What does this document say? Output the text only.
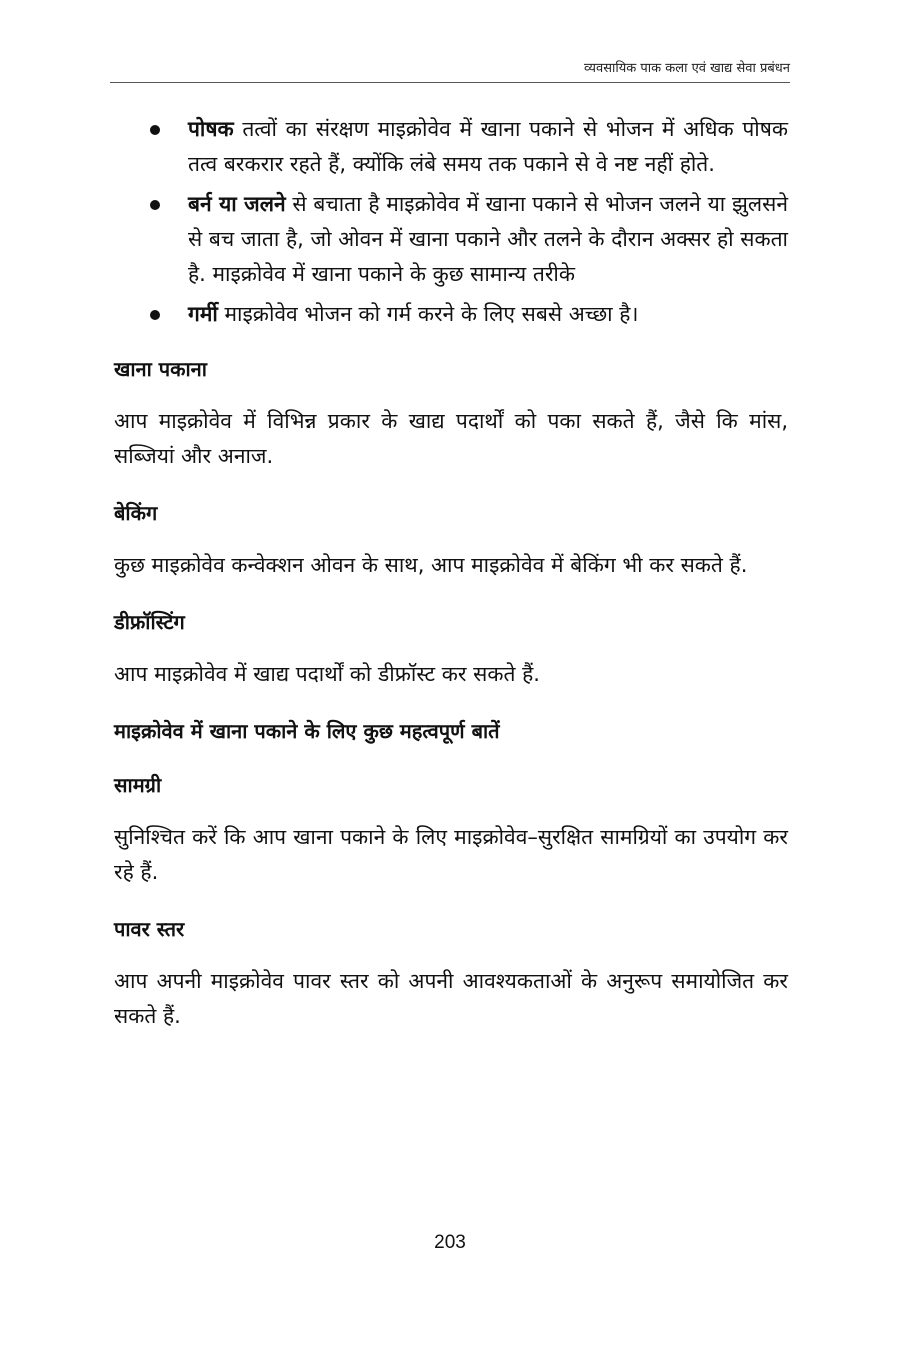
व्यवसायिक पाक कला एवं खाद्य सेवा प्रबंधन
पोषक तत्वों का संरक्षण माइक्रोवेव में खाना पकाने से भोजन में अधिक पोषक तत्व बरकरार रहते हैं, क्योंकि लंबे समय तक पकाने से वे नष्ट नहीं होते.
बर्न या जलने से बचाता है माइक्रोवेव में खाना पकाने से भोजन जलने या झुलसने से बच जाता है, जो ओवन में खाना पकाने और तलने के दौरान अक्सर हो सकता है. माइक्रोवेव में खाना पकाने के कुछ सामान्य तरीके
गर्मी माइक्रोवेव भोजन को गर्म करने के लिए सबसे अच्छा है।
खाना पकाना

आप माइक्रोवेव में विभिन्न प्रकार के खाद्य पदार्थों को पका सकते हैं, जैसे कि मांस, सब्जियां और अनाज.

बेकिंग

कुछ माइक्रोवेव कन्वेक्शन ओवन के साथ, आप माइक्रोवेव में बेकिंग भी कर सकते हैं.

डीफ्रॉस्टिंग

आप माइक्रोवेव में खाद्य पदार्थों को डीफ्रॉस्ट कर सकते हैं.

माइक्रोवेव में खाना पकाने के लिए कुछ महत्वपूर्ण बातें
सामग्री

सुनिश्चित करें कि आप खाना पकाने के लिए माइक्रोवेव–सुरक्षित सामग्रियों का उपयोग कर रहे हैं.

पावर स्तर

आप अपनी माइक्रोवेव पावर स्तर को अपनी आवश्यकताओं के अनुरूप समायोजित कर सकते हैं.

203
